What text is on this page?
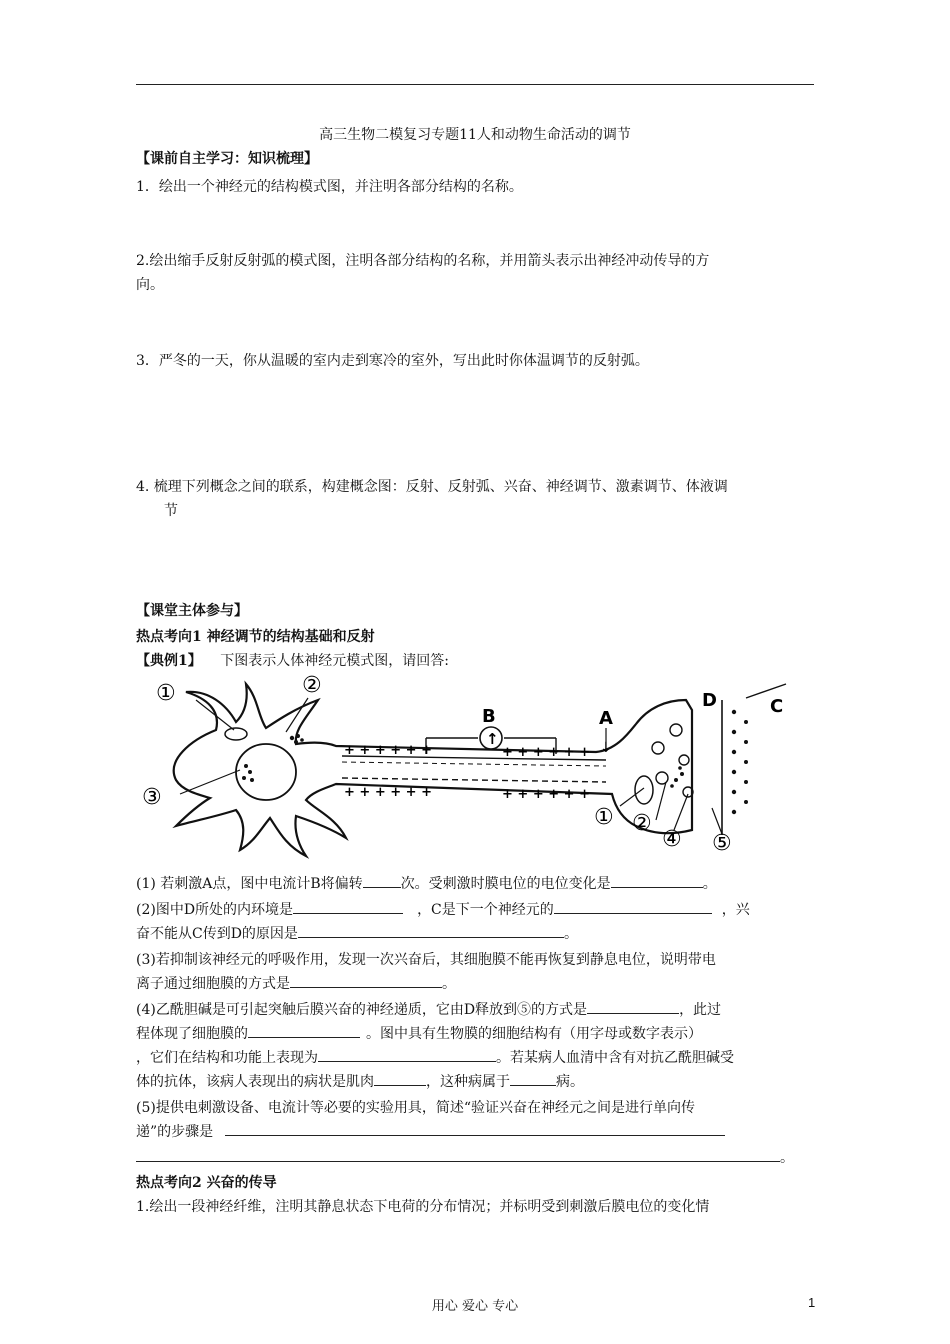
高三生物二模复习专题11人和动物生命活动的调节
【课前自主学习：知识梳理】
1．绘出一个神经元的结构模式图，并注明各部分结构的名称。
2.绘出缩手反射反射弧的模式图，注明各部分结构的名称，并用箭头表示出神经冲动传导的方
向。
3．严冬的一天，你从温暖的室内走到寒冷的室外，写出此时你体温调节的反射弧。
4. 梳理下列概念之间的联系，构建概念图：反射、反射弧、兴奋、神经调节、激素调节、体液调
节
【课堂主体参与】
热点考向1 神经调节的结构基础和反射
【典例1】 下图表示人体神经元模式图，请回答:
+ + + + + +	+ + + + + +
+ + + + + +	+ + + + + +
①	②
③
B
↑
A
↓
D	C
① ②
④ ⑤
(1) 若刺激A点，图中电流计B将偏转	次。受刺激时膜电位的电位变化是	。
(2)图中D所处的内环境是	，C是下一个神经元的	，兴
奋不能从C传到D的原因是	。
(3)若抑制该神经元的呼吸作用，发现一次兴奋后，其细胞膜不能再恢复到静息电位，说明带电
离子通过细胞膜的方式是	。
(4)乙酰胆碱是可引起突触后膜兴奋的神经递质，它由D释放到⑤的方式是	，此过
程体现了细胞膜的	。图中具有生物膜的细胞结构有（用字母或数字表示）
，它们在结构和功能上表现为	。若某病人血清中含有对抗乙酰胆碱受
体的抗体，该病人表现出的病状是肌肉	，这种病属于	病。
(5)提供电刺激设备、电流计等必要的实验用具，简述“验证兴奋在神经元之间是进行单向传
递”的步骤是
。
热点考向2 兴奋的传导
1.绘出一段神经纤维，注明其静息状态下电荷的分布情况；并标明受到刺激后膜电位的变化情
用心 爱心 专心	1
